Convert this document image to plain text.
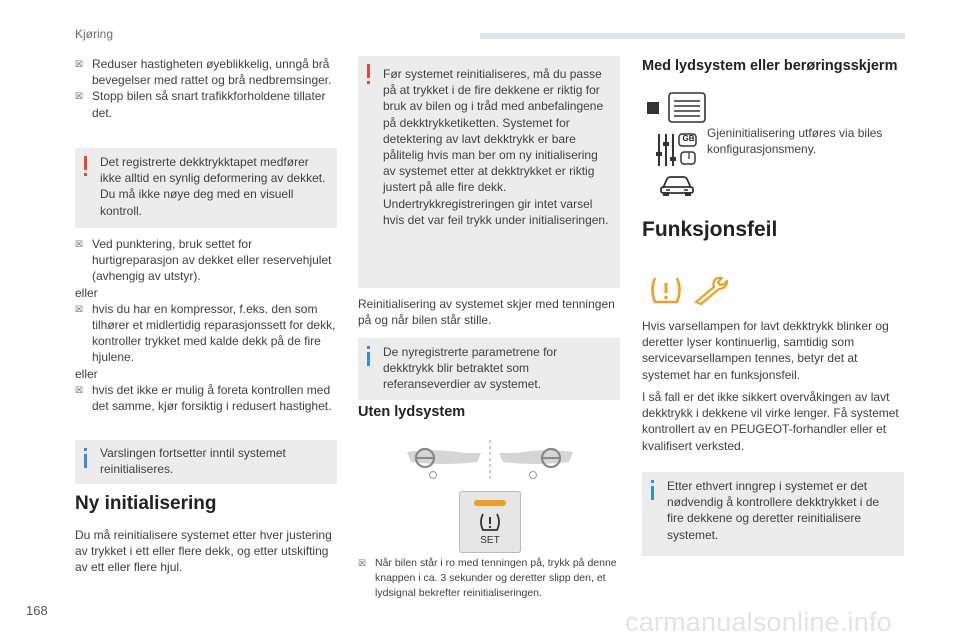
Kjøring
☒ Reduser hastigheten øyeblikkelig, unngå brå bevegelser med rattet og brå nedbremsinger.
☒ Stopp bilen så snart trafikkforholdene tillater det.
Det registrerte dekktrykktapet medfører ikke alltid en synlig deformering av dekket. Du må ikke nøye deg med en visuell kontroll.
☒ Ved punktering, bruk settet for hurtigreparasjon av dekket eller reservehjulet (avhengig av utstyr).

eller

☒ hvis du har en kompressor, f.eks. den som tilhører et midlertidig reparasjonssett for dekk, kontroller trykket med kalde dekk på de fire hjulene.

eller

☒ hvis det ikke er mulig å foreta kontrollen med det samme, kjør forsiktig i redusert hastighet.
Varslingen fortsetter inntil systemet reinitialiseres.
Ny initialisering
Du må reinitialisere systemet etter hver justering av trykket i ett eller flere dekk, og etter utskifting av ett eller flere hjul.
Før systemet reinitialiseres, må du passe på at trykket i de fire dekkene er riktig for bruk av bilen og i tråd med anbefalingene på dekktrykketiketten. Systemet for detektering av lavt dekktrykk er bare pålitelig hvis man ber om ny initialisering av systemet etter at dekktrykket er riktig justert på alle fire dekk. Undertrykkregistreringen gir intet varsel hvis det var feil trykk under initialiseringen.
Reinitialisering av systemet skjer med tenningen på og når bilen står stille.
De nyregistrerte parametrene for dekktrykk blir betraktet som referanseverdier av systemet.
Uten lydsystem
SET
☒ Når bilen står i ro med tenningen på, trykk på denne knappen i ca. 3 sekunder og deretter slipp den, et lydsignal bekrefter reinitialiseringen.
Med lydsystem eller berøringsskjerm
GB
I
Gjeninitialisering utføres via biles konfigurasjonsmeny.
Funksjonsfeil
Hvis varsellampen for lavt dekktrykk blinker og deretter lyser kontinuerlig, samtidig som servicevarsellampen tennes, betyr det at systemet har en funksjonsfeil.
I så fall er det ikke sikkert overvåkingen av lavt dekktrykk i dekkene vil virke lenger. Få systemet kontrollert av en PEUGEOT-forhandler eller et kvalifisert verksted.
Etter ethvert inngrep i systemet er det nødvendig å kontrollere dekktrykket i de fire dekkene og deretter reinitialisere systemet.
168	carmanualsonline.info
